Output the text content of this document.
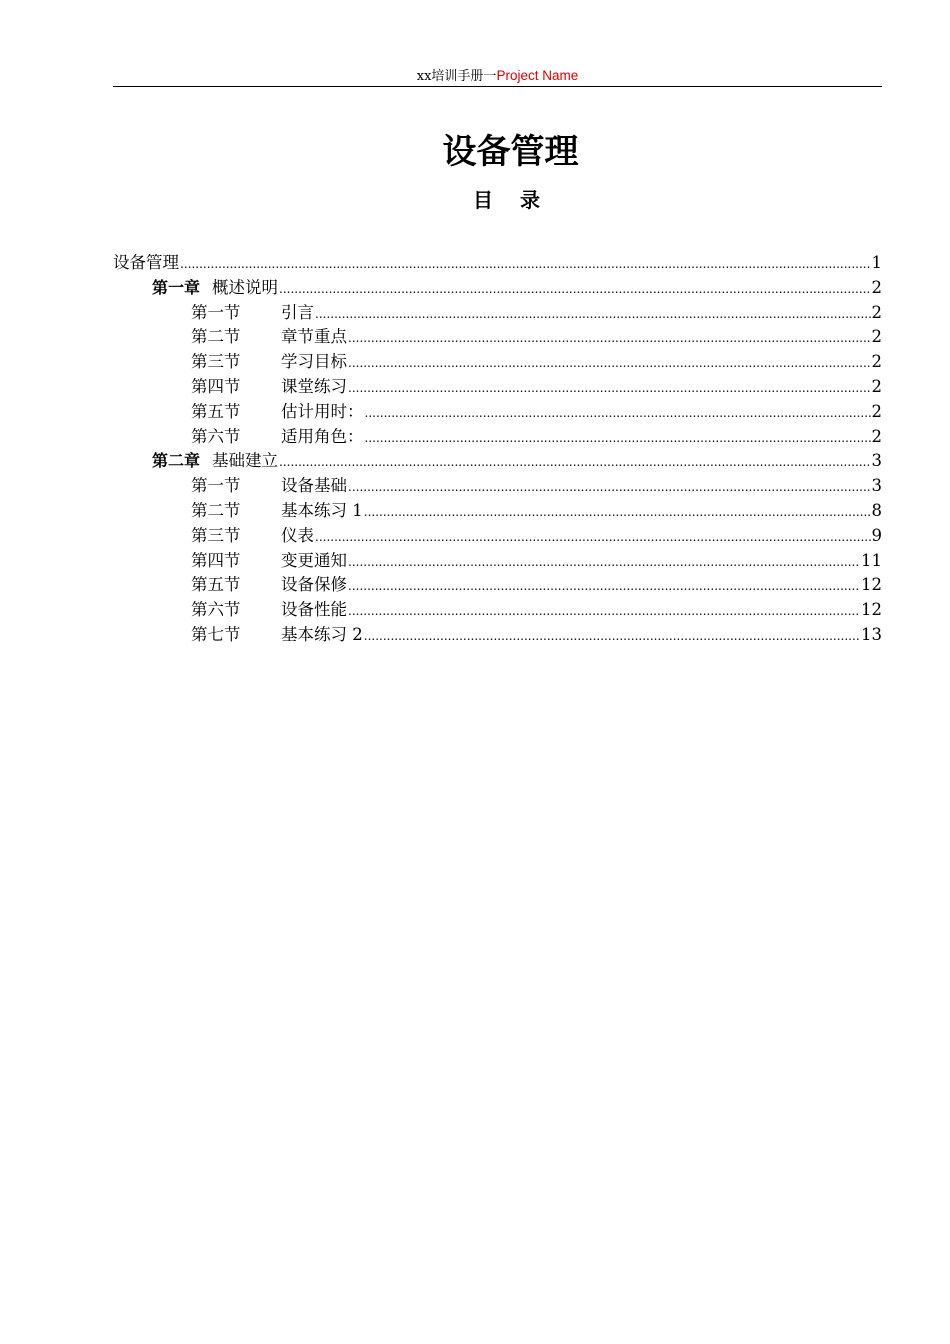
xx培训手册一Project Name
设备管理
目 录
设备管理 .....	1
第一章 概述说明 .....	2
第一节	引言 .....	2
第二节	章节重点 .....	2
第三节	学习目标 .....	2
第四节	课堂练习 .....	2
第五节	估计用时： .....	2
第六节	适用角色： .....	2
第二章 基础建立 .....	3
第一节	设备基础 .....	3
第二节	基本练习 1 .....	8
第三节	仪表 .....	9
第四节	变更通知 .....	11
第五节	设备保修 .....	12
第六节	设备性能 .....	12
第七节	基本练习 2 .....	13
